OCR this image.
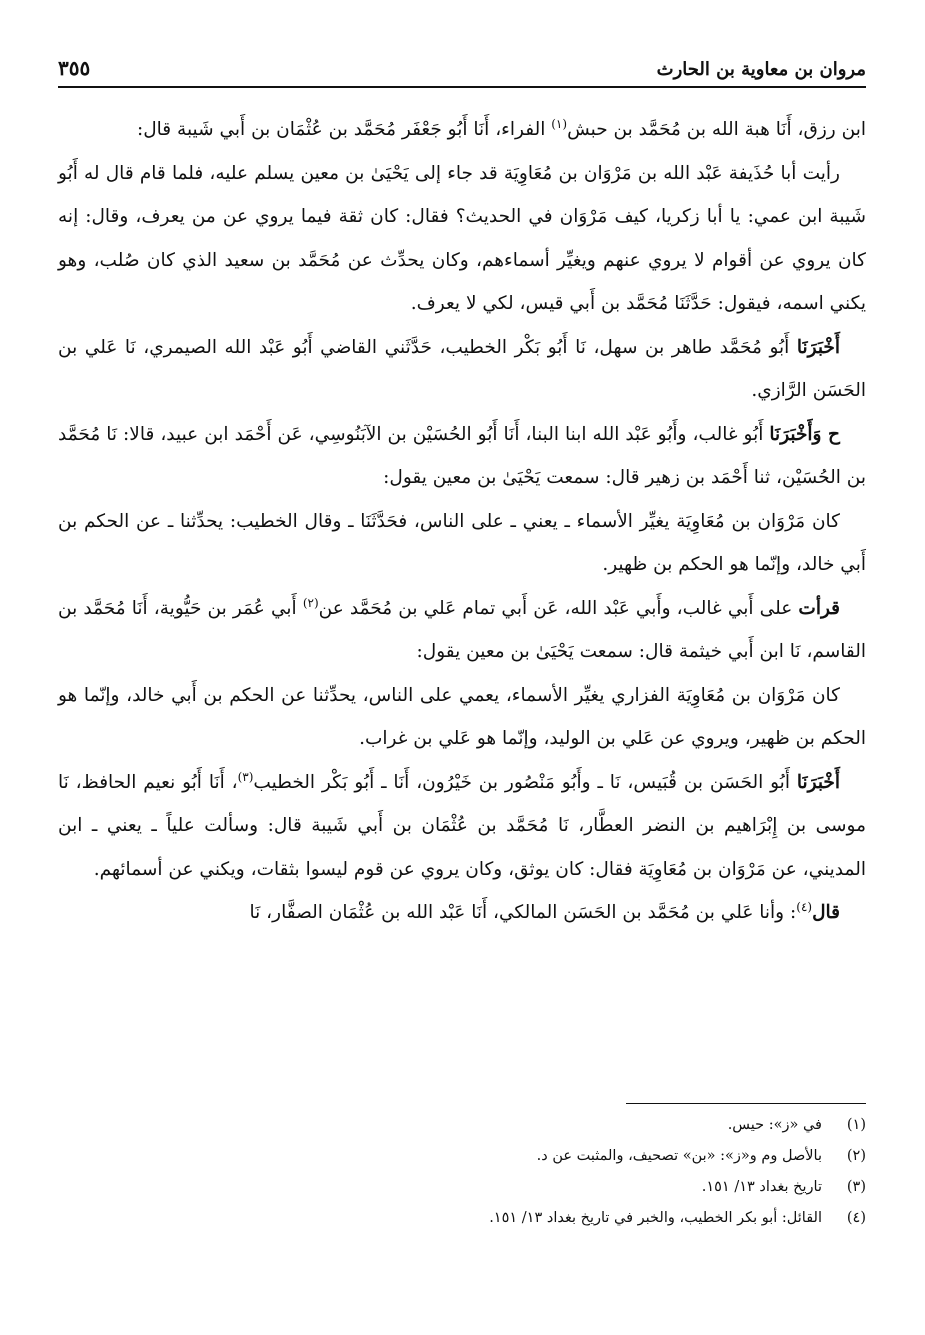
مروان بن معاوية بن الحارث
٣٥٥

ابن رزق، أَنَا هبة الله بن مُحَمَّد بن حبش$^{(١)}$ الفراء، أَنَا أَبُو جَعْفَر مُحَمَّد بن عُثْمَان بن أَبي شَيبة قال:

رأيت أبا حُذَيفة عَبْد الله بن مَرْوَان بن مُعَاوِيَة قد جاء إلى يَحْيَىٰ بن معين يسلم عليه، فلما قام قال له أَبُو شَيبة ابن عمي: يا أبا زكريا، كيف مَرْوَان في الحديث؟ فقال: كان ثقة فيما يروي عن من يعرف، وقال: إنه كان يروي عن أقوام لا يروي عنهم ويغيِّر أسماءهم، وكان يحدِّث عن مُحَمَّد بن سعيد الذي كان صُلب، وهو يكني اسمه، فيقول: حَدَّثَنَا مُحَمَّد بن أَبي قيس، لكي لا يعرف.

أَخْبَرَنَا أَبُو مُحَمَّد طاهر بن سهل، نَا أَبُو بَكْر الخطيب، حَدَّثَني القاضي أَبُو عَبْد الله الصيمري، نَا عَلي بن الحَسَن الرَّازي.

ح وَأَخْبَرَنَا أَبُو غالب، وأَبُو عَبْد الله ابنا البنا، أَنَا أَبُو الحُسَيْن بن الآبَنُوسِي، عَن أَحْمَد ابن عبيد، قالا: نَا مُحَمَّد بن الحُسَيْن، ثنا أَحْمَد بن زهير قال: سمعت يَحْيَىٰ بن معين يقول:

كان مَرْوَان بن مُعَاوِيَة يغيِّر الأسماء ـ يعني ـ على الناس، فحَدَّثَنَا ـ وقال الخطيب: يحدِّثنا ـ عن الحكم بن أَبي خالد، وإنّما هو الحكم بن ظهير.

قرأت على أَبي غالب، وأَبي عَبْد الله، عَن أَبي تمام عَلي بن مُحَمَّد عن$^{(٢)}$ أَبي عُمَر بن حَيُّوية، أَنَا مُحَمَّد بن القاسم، نَا ابن أَبي خيثمة قال: سمعت يَحْيَىٰ بن معين يقول:

كان مَرْوَان بن مُعَاوِيَة الفزاري يغيِّر الأسماء، يعمي على الناس، يحدِّثنا عن الحكم بن أَبي خالد، وإنّما هو الحكم بن ظهير، ويروي عن عَلي بن الوليد، وإنّما هو عَلي بن غراب.

أَخْبَرَنَا أَبُو الحَسَن بن قُبَيس، نَا ـ وأَبُو مَنْصُور بن خَيْرُون، أَنَا ـ أَبُو بَكْر الخطيب$^{(٣)}$، أَنَا أَبُو نعيم الحافظ، نَا موسى بن إِبْرَاهيم بن النضر العطَّار، نَا مُحَمَّد بن عُثْمَان بن أَبي شَيبة قال: وسألت علياً ـ يعني ـ ابن المديني، عن مَرْوَان بن مُعَاوِيَة فقال: كان يوثق، وكان يروي عن قوم ليسوا بثقات، ويكني عن أسمائهم.

قال$^{(٤)}$: وأنا عَلي بن مُحَمَّد بن الحَسَن المالكي، أَنَا عَبْد الله بن عُثْمَان الصفَّار، نَا

(١)
في «ز»: حيس.
(٢)
بالأصل وم و«ز»: «بن» تصحيف، والمثبت عن د.
(٣)
تاريخ بغداد ١٣/ ١٥١.
(٤)
القائل: أبو بكر الخطيب، والخبر في تاريخ بغداد ١٣/ ١٥١.
